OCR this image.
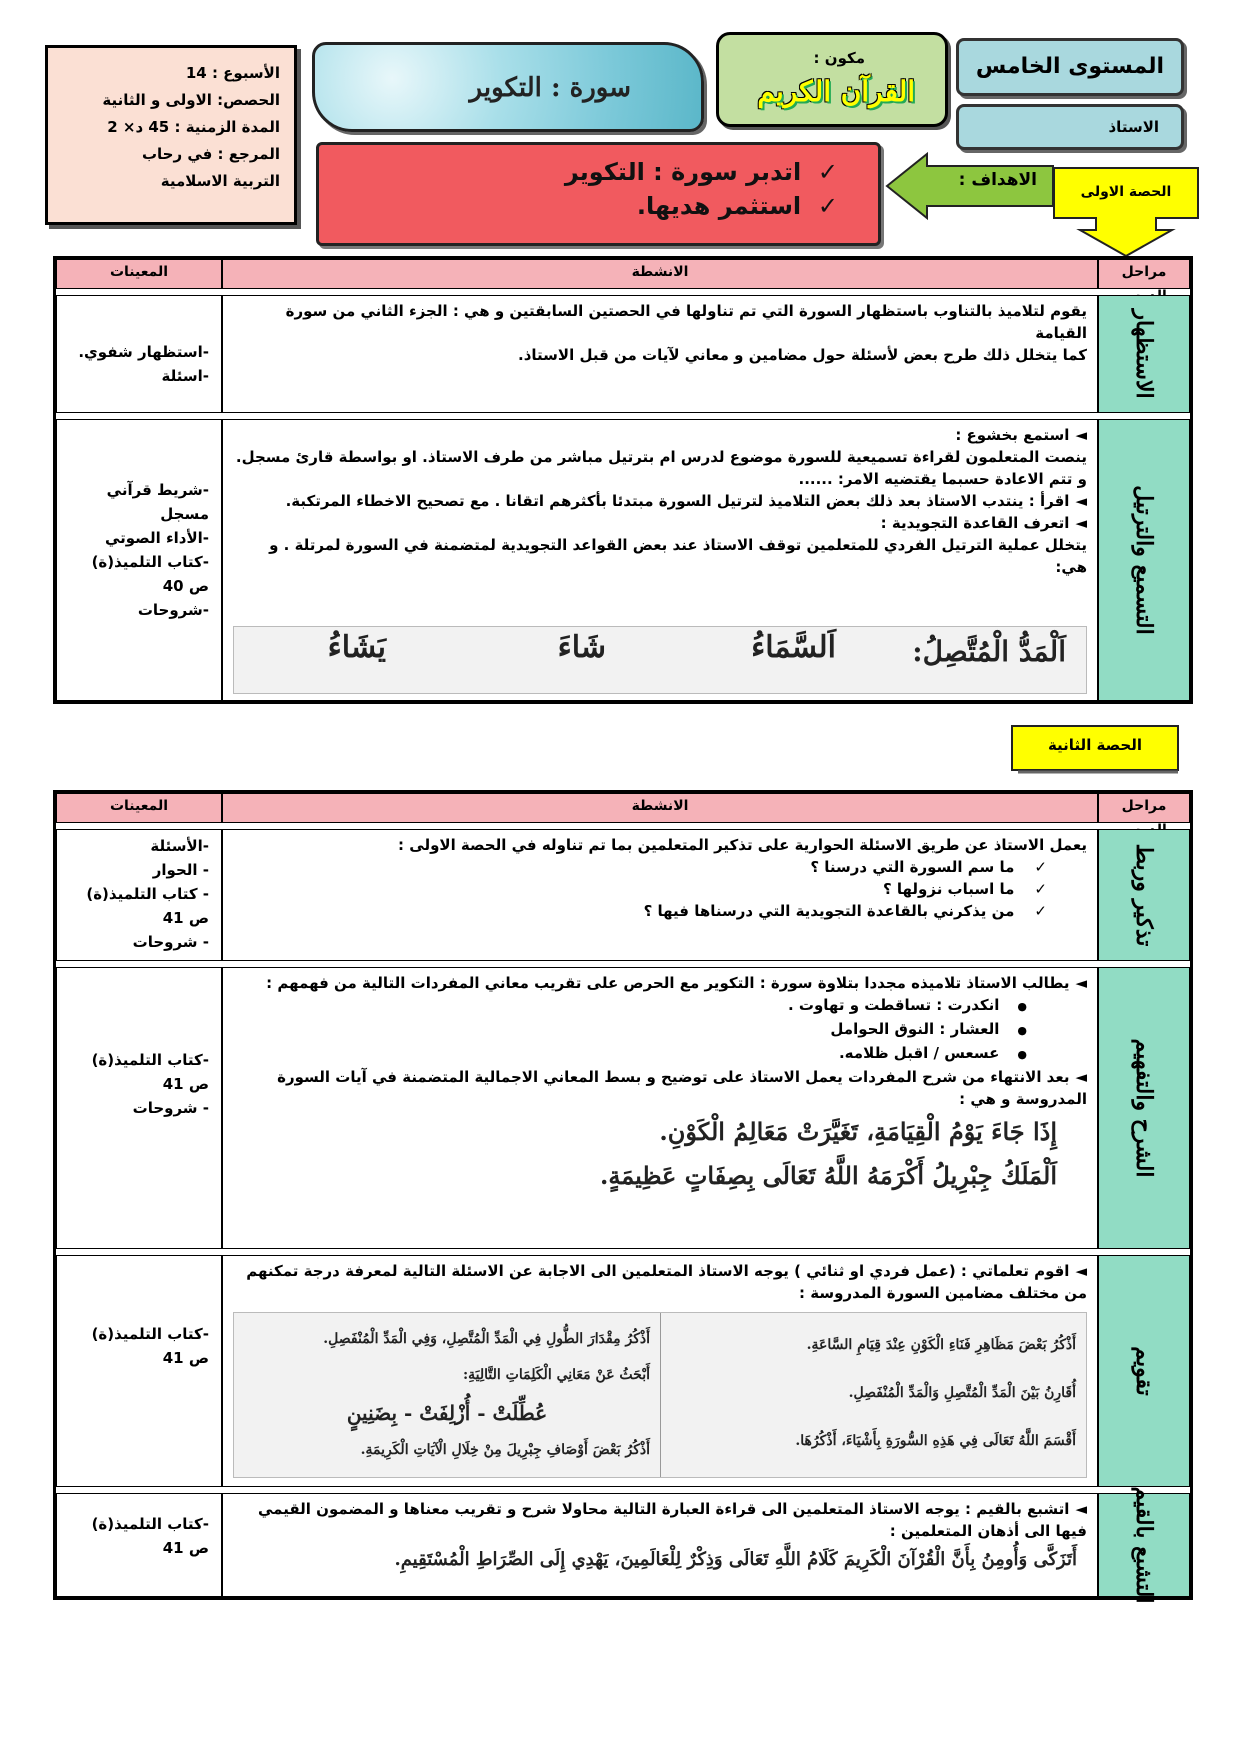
الأسبوع : 14
الحصص: الاولى و الثانية
المدة الزمنية : 45 د× 2
المرجع : في رحاب
التربية الاسلامية
سورة : التكوير
مكون :
القرآن الكريم
المستوى الخامس
الاستاذ
✓  اتدبر سورة : التكوير
✓  استثمر هديها.
الاهداف :
الحصة الاولى
مراحل
الانشطة
المعينات
الاستظهار
يقوم لتلاميذ بالتناوب باستظهار السورة التي تم تناولها في الحصتين السابقتين و هي : الجزء الثاني من سورة القيامة
كما يتخلل ذلك طرح بعض لأسئلة حول مضامين و معاني لآيات من قبل الاستاذ.
-استظهار شفوي.
-اسئلة
التسميع والترتيل
◄ استمع بخشوع :
ينصت المتعلمون لقراءة تسميعية للسورة موضوع لدرس ام بترتيل مباشر من طرف الاستاذ. او بواسطة قارئ مسجل. و تتم الاعادة حسبما يقتضيه الامر: ......
◄ اقرأ : ينتدب الاستاذ بعد ذلك بعض التلاميذ لترتيل السورة مبتدئا بأكثرهم اتقانا . مع تصحيح الاخطاء المرتكبة.
◄ اتعرف القاعدة التجويدية :
يتخلل عملية الترتيل الفردي للمتعلمين توقف الاستاذ عند بعض القواعد التجويدية لمتضمنة في السورة لمرتلة . و هي:
اَلْمَدُّ الْمُتَّصِلُ:
اَلسَّمَاءُ
شَاءَ
يَشَاءُ
-شريط قرآني مسجل
-الأداء الصوتي
-كتاب التلميذ(ة)
ص 40
-شروحات
الحصة الثانية
مراحل
الانشطة
المعينات
تذكير وربط
يعمل الاستاذ عن طريق الاسئلة الحوارية على تذكير المتعلمين بما تم تناوله في الحصة الاولى :
✓ ما سم السورة التي درسنا ؟
✓ ما اسباب نزولها ؟
✓ من يذكرني بالقاعدة التجويدية التي درسناها فيها ؟
-الأسئلة
- الحوار
- كتاب التلميذ(ة)
ص 41
- شروحات
الشرح والتفهيم
◄ يطالب الاستاذ تلاميذه مجددا بتلاوة سورة : التكوير مع الحرص على تقريب معاني المفردات التالية من فهمهم :
● انكدرت : تساقطت و تهاوت .
● العشار : النوق الحوامل
● عسعس / اقبل ظلامه.
◄ بعد الانتهاء من شرح المفردات يعمل الاستاذ على توضيح و بسط المعاني الاجمالية المتضمنة في آيات السورة المدروسة و هي :
إِذَا جَاءَ يَوْمُ الْقِيَامَةِ، تَغَيَّرَتْ مَعَالِمُ الْكَوْنِ.
اَلْمَلَكُ جِبْرِيلُ أَكْرَمَهُ اللَّهُ تَعَالَى بِصِفَاتٍ عَظِيمَةٍ.
-كتاب التلميذ(ة)
ص 41
- شروحات
تقويم
◄ اقوم تعلماتي : (عمل فردي او ثنائي ) يوجه الاستاذ المتعلمين الى الاجابة عن الاسئلة التالية لمعرفة درجة تمكنهم من مختلف مضامين السورة المدروسة :
أَذْكُرُ بَعْضَ مَظَاهِرِ فَنَاءِ الْكَوْنِ عِنْدَ قِيَامِ السَّاعَةِ.
أُقَارِنُ بَيْنَ الْمَدِّ الْمُتَّصِلِ وَالْمَدِّ الْمُنْفَصِلِ.
أَقْسَمَ اللَّهُ تَعَالَى فِي هَذِهِ السُّورَةِ بِأَشْيَاءَ، أَذْكُرُهَا.
أَذْكُرُ مِقْدَارَ الطُّولِ فِي الْمَدِّ الْمُتَّصِلِ، وَفِي الْمَدِّ الْمُنْفَصِلِ.
أَبْحَثُ عَنْ مَعَانِي الْكَلِمَاتِ التَّالِيَةِ:
عُطِّلَتْ - أُزْلِفَتْ - بِضَنِينٍ
أَذْكُرُ بَعْضَ أَوْصَافِ جِبْرِيلَ مِنْ خِلَالِ الْآيَاتِ الْكَرِيمَةِ.
-كتاب التلميذ(ة)
ص 41
التشبع بالقيم
◄ اتشبع بالقيم : يوجه الاستاذ المتعلمين الى قراءة العبارة التالية محاولا شرح و تقريب معناها و المضمون القيمي فيها الى أذهان المتعلمين :
أَتَزَكَّى وَأُومِنُ بِأَنَّ الْقُرْآنَ الْكَرِيمَ كَلَامُ اللَّهِ تَعَالَى وَذِكْرٌ لِلْعَالَمِينَ، يَهْدِي إِلَى الصِّرَاطِ الْمُسْتَقِيمِ.
-كتاب التلميذ(ة)
ص 41
